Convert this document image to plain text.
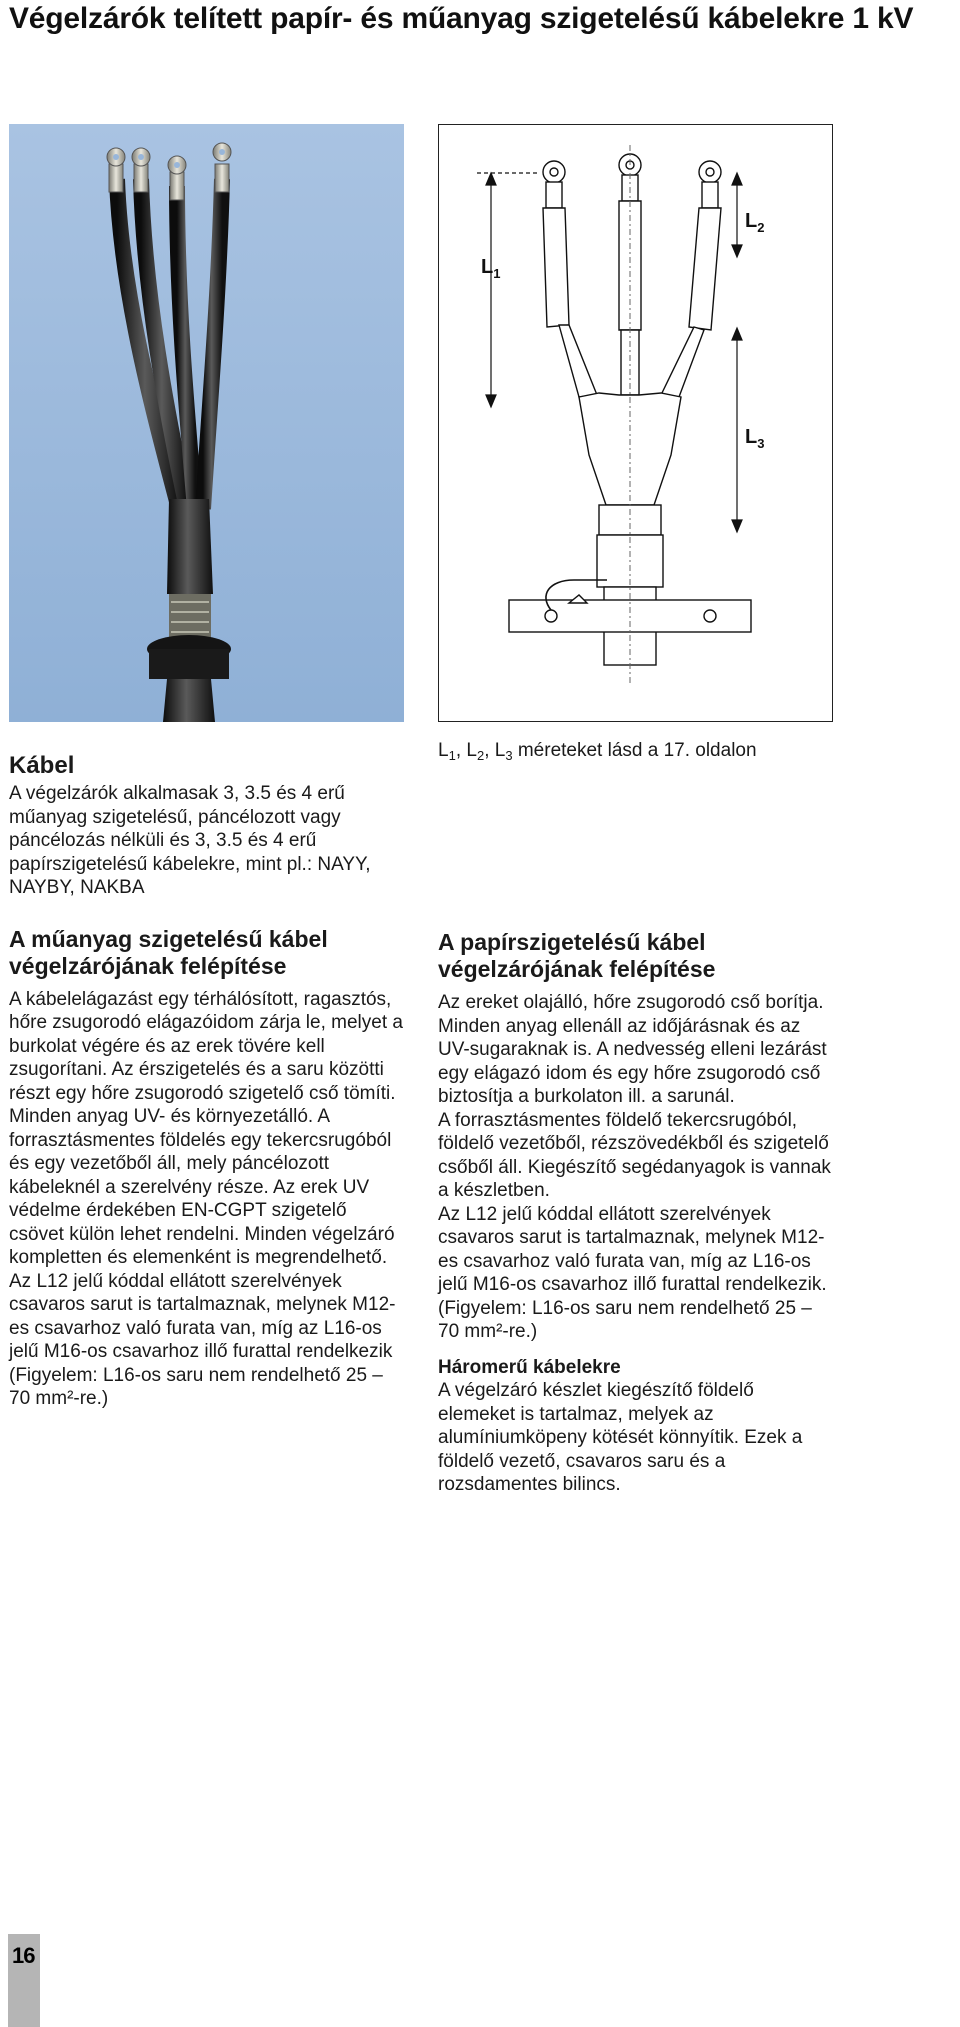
Végelzárók telített papír- és műanyag szigetelésű kábelekre 1 kV
$L_1$
$L_2$
$L_3$
$L_1$, $L_2$, $L_3$ méreteket lásd a 17. oldalon
Kábel

A végelzárók alkalmasak 3, 3.5 és 4 erű műanyag szigetelésű, páncélozott vagy páncélozás nélküli és 3, 3.5 és 4 erű papírszigetelésű kábelekre, mint pl.: NAYY, NAYBY, NAKBA

A műanyag szigetelésű kábel
végelzárójának felépítése

A kábelelágazást egy térhálósított, ragasztós, hőre zsugorodó elágazóidom zárja le, melyet a burkolat végére és az erek tövére kell zsugorítani. Az érszigetelés és a saru közötti részt egy hőre zsugorodó szigetelő cső tömíti. Minden anyag UV- és környezetálló. A forrasztásmentes földelés egy tekercsrugóból és egy vezetőből áll, mely páncélozott kábeleknél a szerelvény része. Az erek UV védelme érdekében EN-CGPT szigetelő csövet külön lehet rendelni. Minden végelzáró kompletten és elemenként is megrendelhető.

Az L12 jelű kóddal ellátott szerelvények csavaros sarut is tartalmaznak, melynek M12-es csavarhoz való furata van, míg az L16-os jelű M16-os csavarhoz illő furattal rendelkezik (Figyelem: L16-os saru nem rendelhető 25 – 70 mm²-re.)

A papírszigetelésű kábel
végelzárójának felépítése

Az ereket olajálló, hőre zsugorodó cső borítja. Minden anyag ellenáll az időjárásnak és az UV-sugaraknak is. A nedvesség elleni lezárást egy elágazó idom és egy hőre zsugorodó cső biztosítja a burkolaton ill. a sarunál.

A forrasztásmentes földelő tekercsrugóból, földelő vezetőből, rézszövedékből és szigetelő csőből áll. Kiegészítő segédanyagok is vannak a készletben.

Az L12 jelű kóddal ellátott szerelvények csavaros sarut is tartalmaznak, melynek M12-es csavarhoz való furata van, míg az L16-os jelű M16-os csavarhoz illő furattal rendelkezik. (Figyelem: L16-os saru nem rendelhető 25 – 70 mm²-re.)

Háromerű kábelekre

A végelzáró készlet kiegészítő földelő elemeket is tartalmaz, melyek az alumíniumköpeny kötését könnyítik. Ezek a földelő vezető, csavaros saru és a rozsdamentes bilincs.

16
